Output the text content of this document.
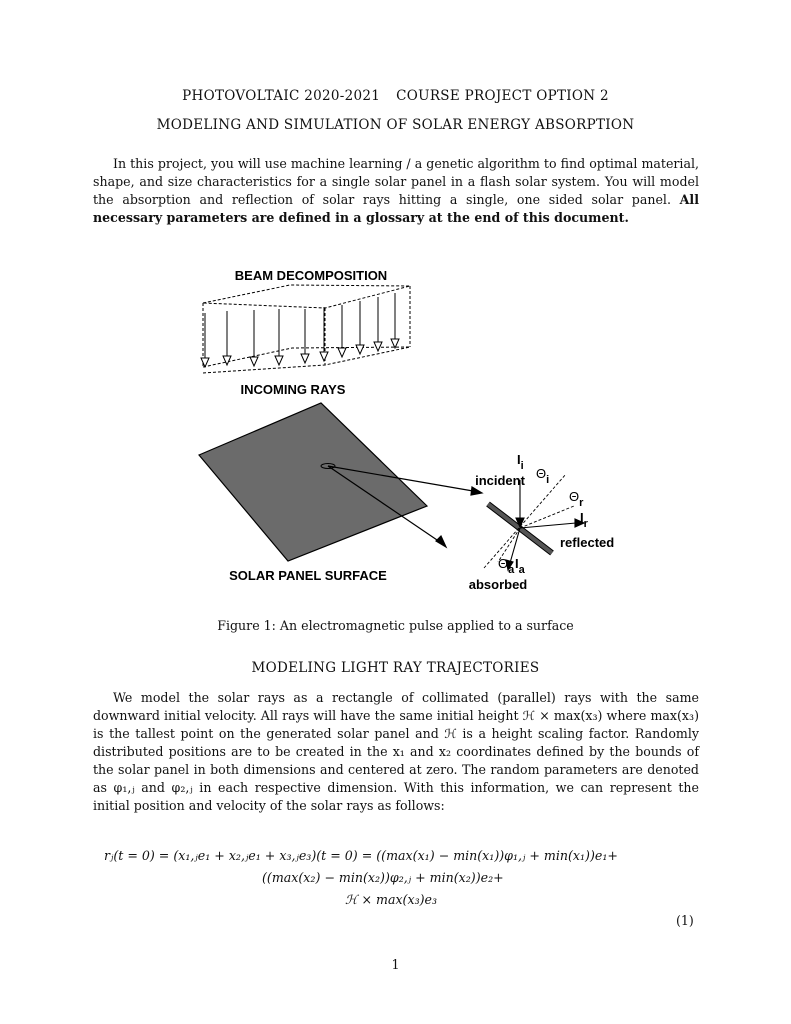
PHOTOVOLTAIC 2020-2021 COURSE PROJECT OPTION 2
MODELING AND SIMULATION OF SOLAR ENERGY ABSORPTION
In this project, you will use machine learning / a genetic algorithm to find optimal material, shape, and size characteristics for a single solar panel in a flash solar system. You will model the absorption and reflection of solar rays hitting a single, one sided solar panel. All necessary parameters are defined in a glossary at the end of this document.
BEAM DECOMPOSITION
INCOMING RAYS
SOLAR PANEL SURFACE
incident
$I_i$ $\Theta_i$
$\Theta_r$
$I_r$
reflected
$\Theta_a$ $I_a$
absorbed
Figure 1: An electromagnetic pulse applied to a surface
MODELING LIGHT RAY TRAJECTORIES
We model the solar rays as a rectangle of collimated (parallel) rays with the same downward initial velocity. All rays will have the same initial height ℋ × max(x₃) where max(x₃) is the tallest point on the generated solar panel and ℋ is a height scaling factor. Randomly distributed positions are to be created in the x₁ and x₂ coordinates defined by the bounds of the solar panel in both dimensions and centered at zero. The random parameters are denoted as φ₁,ⱼ and φ₂,ⱼ in each respective dimension. With this information, we can represent the initial position and velocity of the solar rays as follows:
rⱼ(t = 0) = (x₁,ⱼe₁ + x₂,ⱼe₁ + x₃,ⱼe₃)(t = 0) = ((max(x₁) − min(x₁))φ₁,ⱼ + min(x₁))e₁+
((max(x₂) − min(x₂))φ₂,ⱼ + min(x₂))e₂+
ℋ × max(x₃)e₃
(1)
1
